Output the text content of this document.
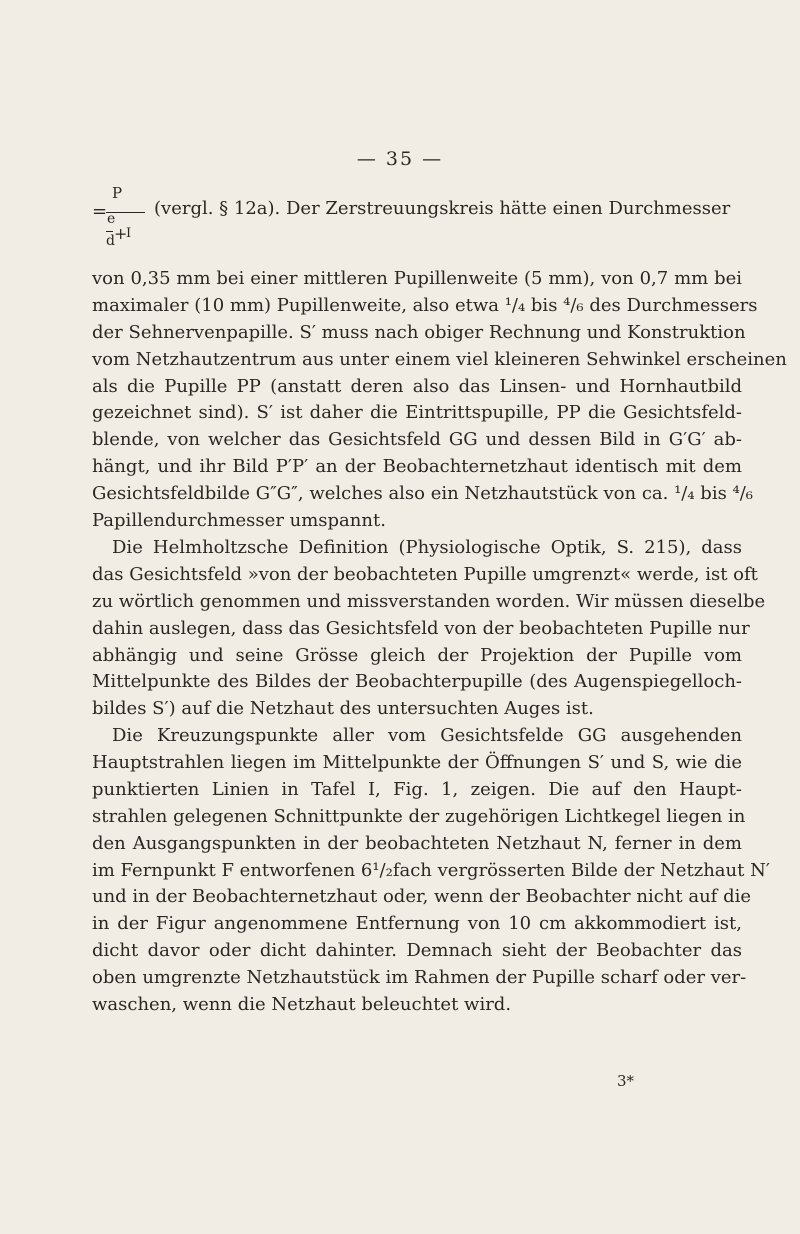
— 35 —
=
P
e
+
I
d
(vergl. § 12a). Der Zerstreuungskreis hätte einen Durchmesser
von 0,35 mm bei einer mittleren Pupillenweite (5 mm), von 0,7 mm bei
maximaler (10 mm) Pupillenweite, also etwa ¹/₄ bis ⁴/₆ des Durchmessers
der Sehnervenpapille. S′ muss nach obiger Rechnung und Konstruktion
vom Netzhautzentrum aus unter einem viel kleineren Sehwinkel erscheinen
als die Pupille PP (anstatt deren also das Linsen- und Hornhautbild
gezeichnet sind). S′ ist daher die Eintrittspupille, PP die Gesichtsfeld-
blende, von welcher das Gesichtsfeld GG und dessen Bild in G′G′ ab-
hängt, und ihr Bild P′P′ an der Beobachternetzhaut identisch mit dem
Gesichtsfeldbilde G″G″, welches also ein Netzhautstück von ca. ¹/₄ bis ⁴/₆
Papillendurchmesser umspannt.
Die Helmholtzsche Definition (Physiologische Optik, S. 215), dass
das Gesichtsfeld »von der beobachteten Pupille umgrenzt« werde, ist oft
zu wörtlich genommen und missverstanden worden. Wir müssen dieselbe
dahin auslegen, dass das Gesichtsfeld von der beobachteten Pupille nur
abhängig und seine Grösse gleich der Projektion der Pupille vom
Mittelpunkte des Bildes der Beobachterpupille (des Augenspiegelloch-
bildes S′) auf die Netzhaut des untersuchten Auges ist.
Die Kreuzungspunkte aller vom Gesichtsfelde GG ausgehenden
Hauptstrahlen liegen im Mittelpunkte der Öffnungen S′ und S, wie die
punktierten Linien in Tafel I, Fig. 1, zeigen. Die auf den Haupt-
strahlen gelegenen Schnittpunkte der zugehörigen Lichtkegel liegen in
den Ausgangspunkten in der beobachteten Netzhaut N, ferner in dem
im Fernpunkt F entworfenen 6¹/₂fach vergrösserten Bilde der Netzhaut N′
und in der Beobachternetzhaut oder, wenn der Beobachter nicht auf die
in der Figur angenommene Entfernung von 10 cm akkommodiert ist,
dicht davor oder dicht dahinter. Demnach sieht der Beobachter das
oben umgrenzte Netzhautstück im Rahmen der Pupille scharf oder ver-
waschen, wenn die Netzhaut beleuchtet wird.
3*
